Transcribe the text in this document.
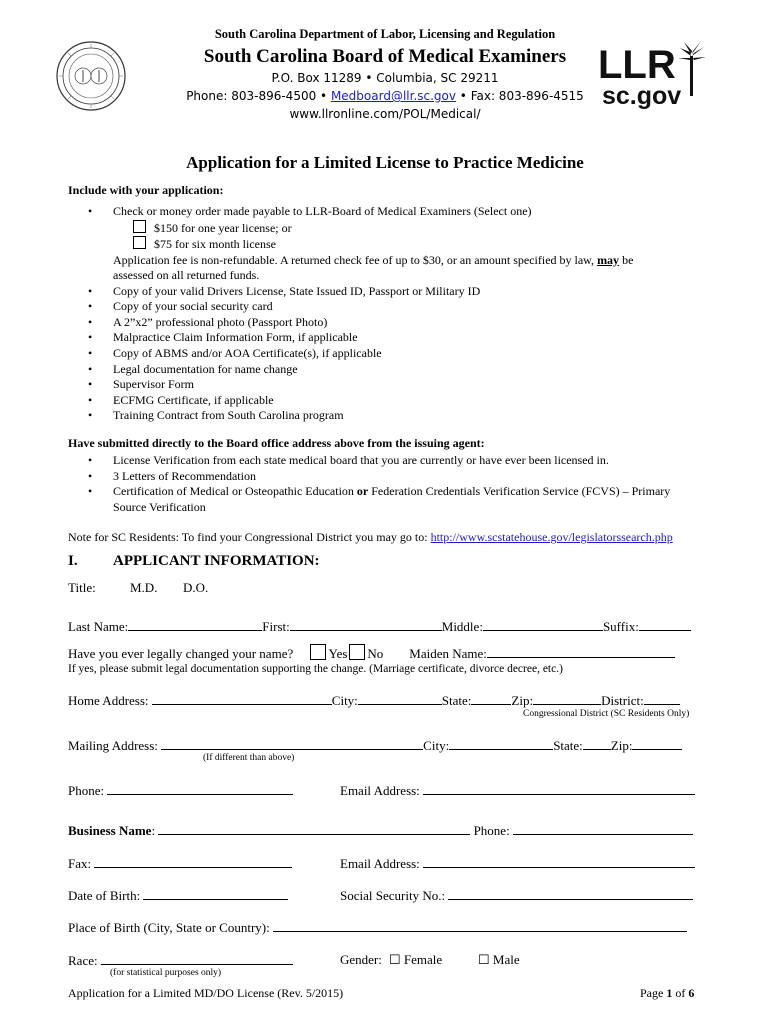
LLR
sc.gov
South Carolina Department of Labor, Licensing and Regulation
South Carolina Board of Medical Examiners
P.O. Box 11289 • Columbia, SC 29211
Phone: 803-896-4500 • Medboard@llr.sc.gov • Fax: 803-896-4515
www.llronline.com/POL/Medical/
Application for a Limited License to Practice Medicine
Include with your application:
• Check or money order made payable to LLR-Board of Medical Examiners (Select one)
$150 for one year license; or
$75 for six month license
Application fee is non-refundable. A returned check fee of up to $30, or an amount specified by law, may be
assessed on all returned funds.
• Copy of your valid Drivers License, State Issued ID, Passport or Military ID
• Copy of your social security card
• A 2”x2” professional photo (Passport Photo)
• Malpractice Claim Information Form, if applicable
• Copy of ABMS and/or AOA Certificate(s), if applicable
• Legal documentation for name change
• Supervisor Form
• ECFMG Certificate, if applicable
• Training Contract from South Carolina program
Have submitted directly to the Board office address above from the issuing agent:
• License Verification from each state medical board that you are currently or have ever been licensed in.
• 3 Letters of Recommendation
• Certification of Medical or Osteopathic Education or Federation Credentials Verification Service (FCVS) – Primary
Source Verification
Note for SC Residents: To find your Congressional District you may go to: http://www.scstatehouse.gov/legislatorssearch.php
I. APPLICANT INFORMATION:
Title:	M.D. D.O.
Last Name:	First:	Middle:	Suffix:
Have you ever legally changed your name?	Yes No Maiden Name:
If yes, please submit legal documentation supporting the change. (Marriage certificate, divorce decree, etc.)
Home Address:	City:	State:	Zip:	District:
Congressional District (SC Residents Only)
Mailing Address:	City:	State: Zip:
(If different than above)
Phone:	Email Address:
Business Name:	Phone:
Fax:	Email Address:
Date of Birth:	Social Security No.:
Place of Birth (City, State or Country):
Race:
(for statistical purposes only)
Gender: ☐ Female	☐ Male
Application for a Limited MD/DO License (Rev. 5/2015)	Page 1 of 6
